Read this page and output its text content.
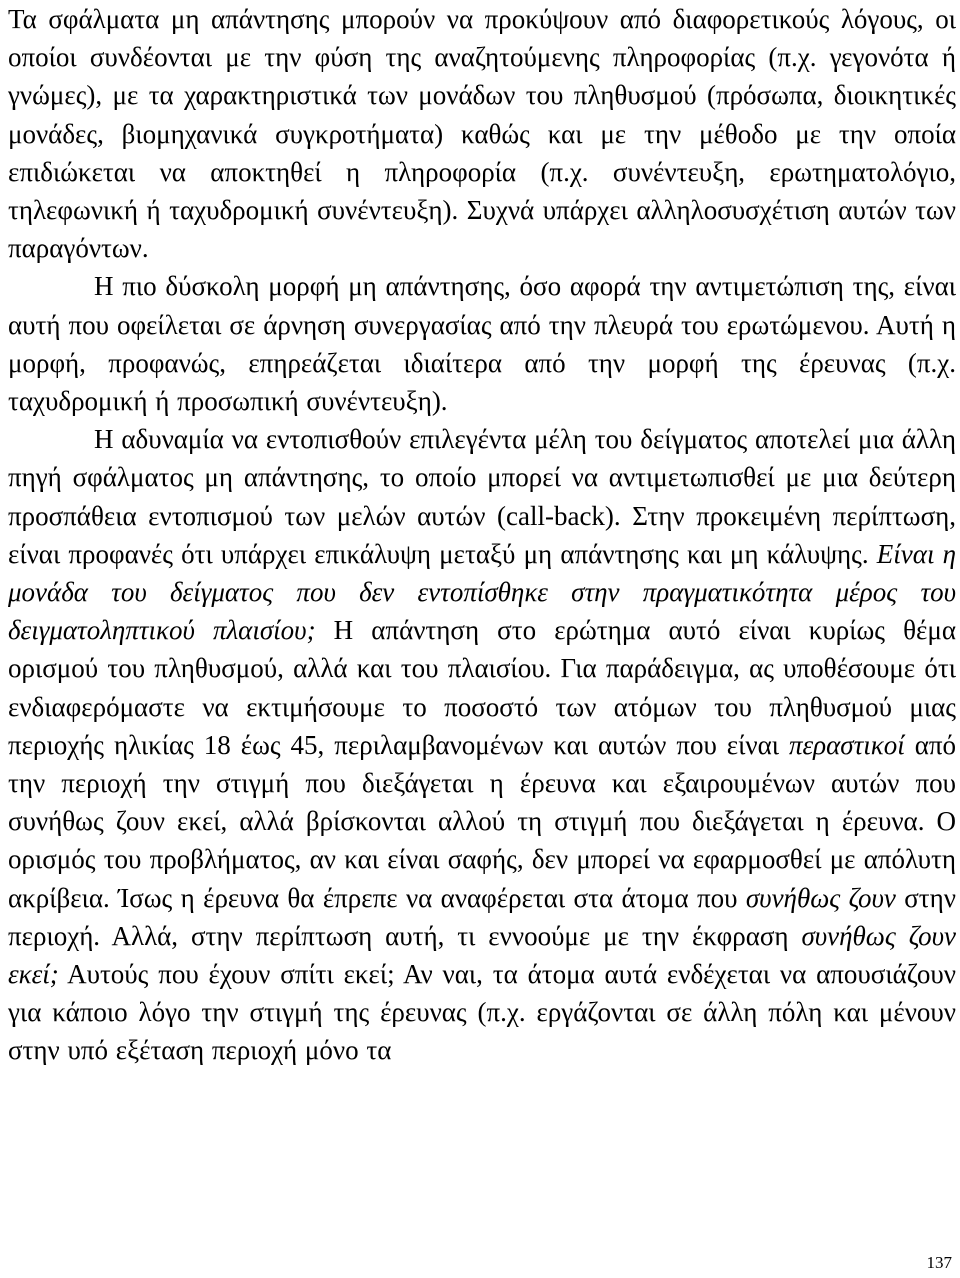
Τα σφάλματα μη απάντησης μπορούν να προκύψουν από διαφορετικούς λόγους, οι οποίοι συνδέονται με την φύση της αναζητούμενης πληροφορίας (π.χ. γεγονότα ή γνώμες), με τα χαρακτηριστικά των μονάδων του πληθυσμού (πρόσωπα, διοικητικές μονάδες, βιομηχανικά συγκροτήματα) καθώς και με την μέθοδο με την οποία επιδιώκεται να αποκτηθεί η πληροφορία (π.χ. συνέντευξη, ερωτηματολόγιο, τηλεφωνική ή ταχυδρομική συνέντευξη). Συχνά υπάρχει αλληλοσυσχέτιση αυτών των παραγόντων.

Η πιο δύσκολη μορφή μη απάντησης, όσο αφορά την αντιμετώπιση της, είναι αυτή που οφείλεται σε άρνηση συνεργασίας από την πλευρά του ερωτώμενου. Αυτή η μορφή, προφανώς, επηρεάζεται ιδιαίτερα από την μορφή της έρευνας (π.χ. ταχυδρομική ή προσωπική συνέντευξη).

Η αδυναμία να εντοπισθούν επιλεγέντα μέλη του δείγματος αποτελεί μια άλλη πηγή σφάλματος μη απάντησης, το οποίο μπορεί να αντιμετωπισθεί με μια δεύτερη προσπάθεια εντοπισμού των μελών αυτών (call-back). Στην προκειμένη περίπτωση, είναι προφανές ότι υπάρχει επικάλυψη μεταξύ μη απάντησης και μη κάλυψης. Είναι η μονάδα του δείγματος που δεν εντοπίσθηκε στην πραγματικότητα μέρος του δειγματοληπτικού πλαισίου; Η απάντηση στο ερώτημα αυτό είναι κυρίως θέμα ορισμού του πληθυσμού, αλλά και του πλαισίου. Για παράδειγμα, ας υποθέσουμε ότι ενδιαφερόμαστε να εκτιμήσουμε το ποσοστό των ατόμων του πληθυσμού μιας περιοχής ηλικίας 18 έως 45, περιλαμβανομένων και αυτών που είναι περαστικοί από την περιοχή την στιγμή που διεξάγεται η έρευνα και εξαιρουμένων αυτών που συνήθως ζουν εκεί, αλλά βρίσκονται αλλού τη στιγμή που διεξάγεται η έρευνα. Ο ορισμός του προβλήματος, αν και είναι σαφής, δεν μπορεί να εφαρμοσθεί με απόλυτη ακρίβεια. Ίσως η έρευνα θα έπρεπε να αναφέρεται στα άτομα που συνήθως ζουν στην περιοχή. Αλλά, στην περίπτωση αυτή, τι εννοούμε με την έκφραση συνήθως ζουν εκεί; Αυτούς που έχουν σπίτι εκεί; Αν ναι, τα άτομα αυτά ενδέχεται να απουσιάζουν για κάποιο λόγο την στιγμή της έρευνας (π.χ. εργάζονται σε άλλη πόλη και μένουν στην υπό εξέταση περιοχή μόνο τα

137
